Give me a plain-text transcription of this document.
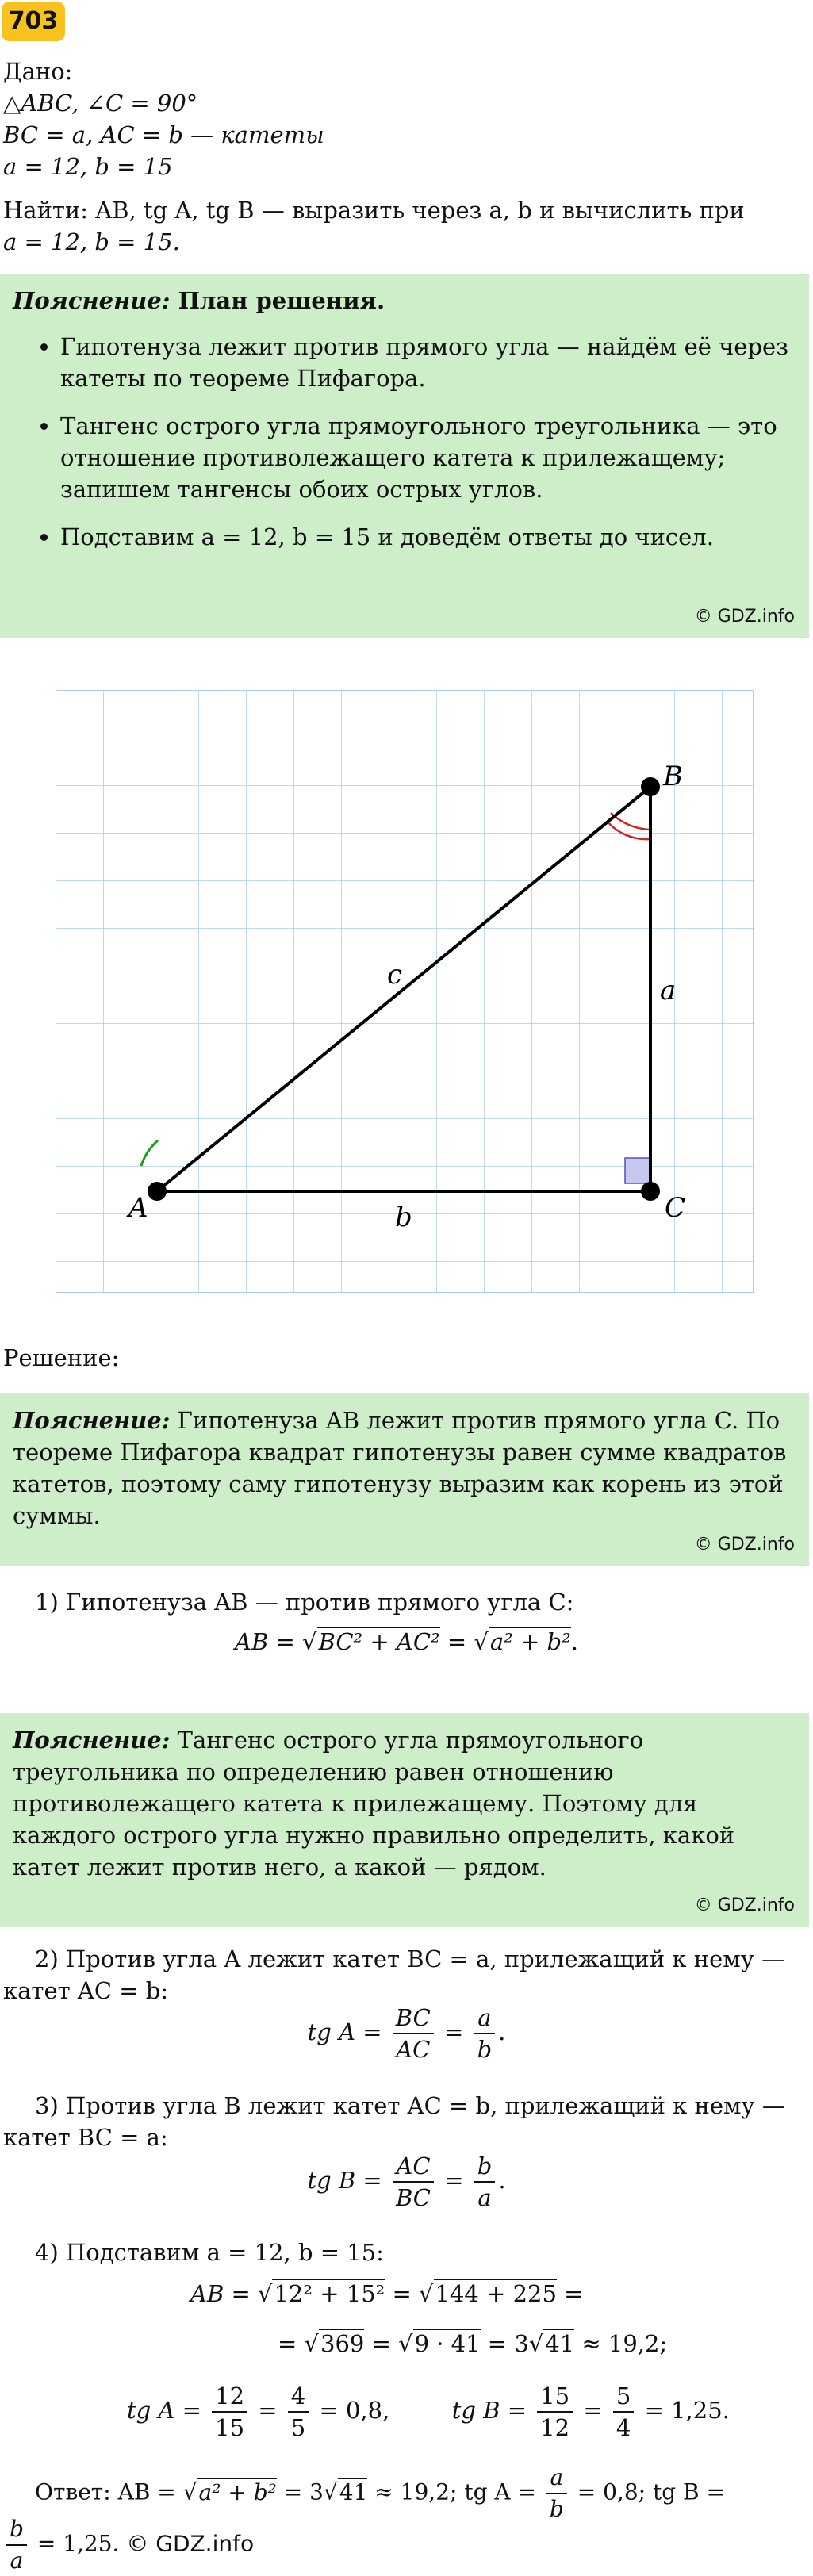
703
Дано:
△ABC, ∠C = 90°
BC = a, AC = b — катеты
a = 12, b = 15
Найти: AB, tg A, tg B — выразить через a, b и вычислить при
a = 12, b = 15.
Пояснение: План решения.
• Гипотенуза лежит против прямого угла — найдём её через катеты по теореме Пифагора.
• Тангенс острого угла прямоугольного треугольника — это отношение противолежащего катета к прилежащему; запишем тангенсы обоих острых углов.
• Подставим a = 12, b = 15 и доведём ответы до чисел.
© GDZ.info
A	C
B
a
b
c
Решение:
Пояснение: Гипотенуза AB лежит против прямого угла C. По теореме Пифагора квадрат гипотенузы равен сумме квадратов катетов, поэтому саму гипотенузу выразим как корень из этой суммы.
© GDZ.info
1) Гипотенуза AB — против прямого угла C:
AB = √BC² + AC² = √a² + b².
Пояснение: Тангенс острого угла прямоугольного треугольника по определению равен отношению противолежащего катета к прилежащему. Поэтому для каждого острого угла нужно правильно определить, какой катет лежит против него, а какой — рядом.
© GDZ.info
2) Против угла A лежит катет BC = a, прилежащий к нему —
катет AC = b:
tg $A = \frac{BC}{AC} = \frac{a}{b}$ .
3) Против угла B лежит катет AC = b, прилежащий к нему —
катет BC = a:
tg $B = \frac{AC}{BC} = \frac{b}{a}$ .
4) Подставим a = 12, b = 15:
AB = √12² + 15² = √144 + 225 =
= √369 = √9 · 41 = 3√41 ≈ 19,2;
tg $A = \frac{12}{15} = \frac{4}{5} = 0,8$,	tg $B = \frac{15}{12} = \frac{5}{4} = 1,25$.
Ответ: AB = √a² + b² = 3√41 ≈ 19,2; tg $A = \frac{a}{b} = 0,8$; tg B =
$\frac{b}{a} = 1,25$. © GDZ.info
